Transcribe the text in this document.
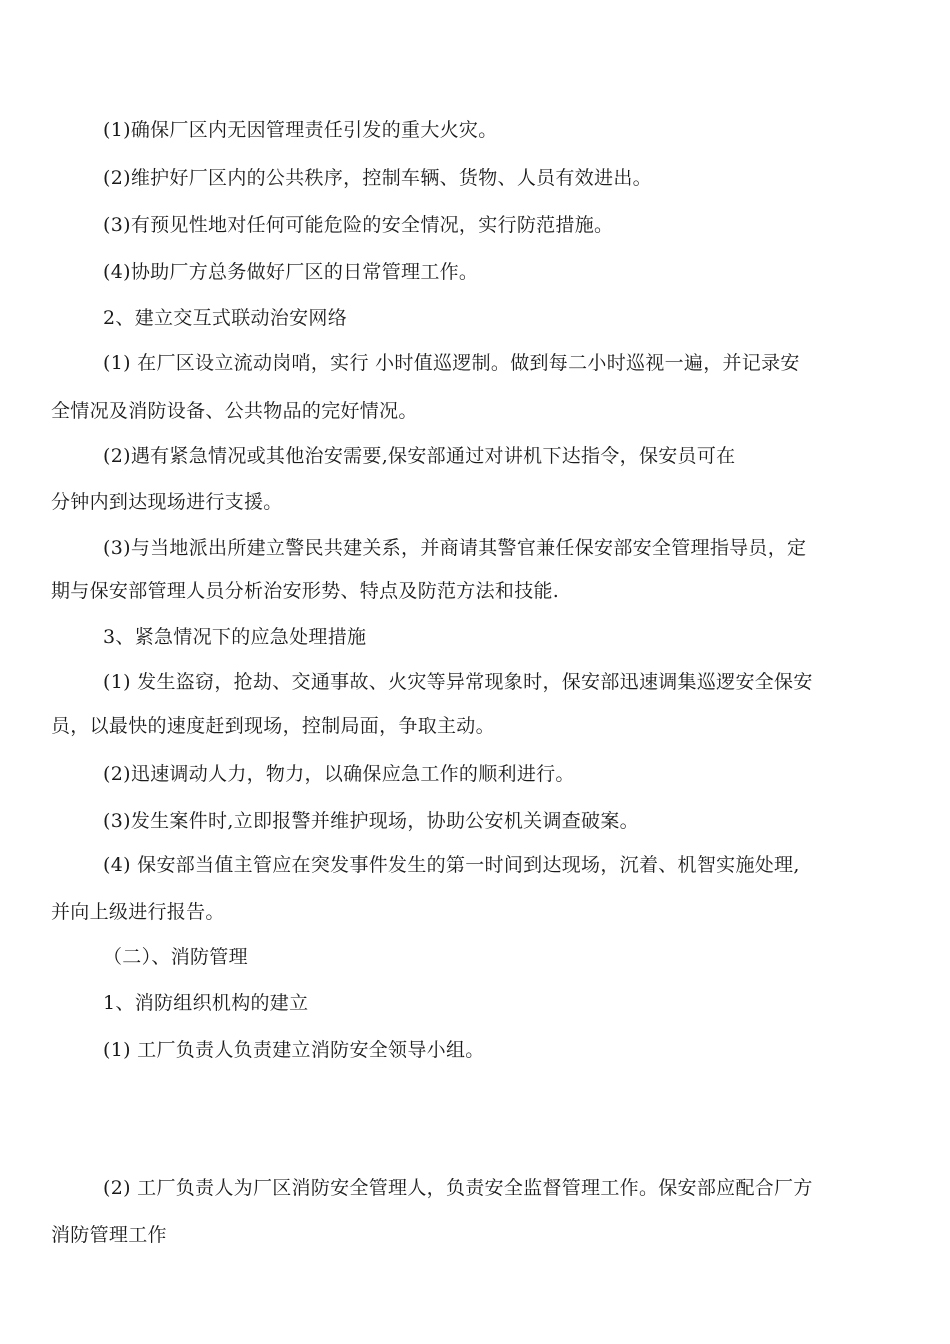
(1)确保厂区内无因管理责任引发的重大火灾。
(2)维护好厂区内的公共秩序，控制车辆、货物、人员有效进出。
(3)有预见性地对任何可能危险的安全情况，实行防范措施。
(4)协助厂方总务做好厂区的日常管理工作。
2、建立交互式联动治安网络
(1) 在厂区设立流动岗哨，实行 小时值巡逻制。做到每二小时巡视一遍，并记录安
全情况及消防设备、公共物品的完好情况。
(2)遇有紧急情况或其他治安需要,保安部通过对讲机下达指令，保安员可在
分钟内到达现场进行支援。
(3)与当地派出所建立警民共建关系，并商请其警官兼任保安部安全管理指导员，定
期与保安部管理人员分析治安形势、特点及防范方法和技能.
3、紧急情况下的应急处理措施
(1) 发生盗窃，抢劫、交通事故、火灾等异常现象时，保安部迅速调集巡逻安全保安
员，以最快的速度赶到现场，控制局面，争取主动。
(2)迅速调动人力，物力，以确保应急工作的顺利进行。
(3)发生案件时,立即报警并维护现场，协助公安机关调查破案。
(4) 保安部当值主管应在突发事件发生的第一时间到达现场，沉着、机智实施处理,
并向上级进行报告。
（二）、消防管理
1、消防组织机构的建立
(1) 工厂负责人负责建立消防安全领导小组。
(2) 工厂负责人为厂区消防安全管理人，负责安全监督管理工作。保安部应配合厂方
消防管理工作
